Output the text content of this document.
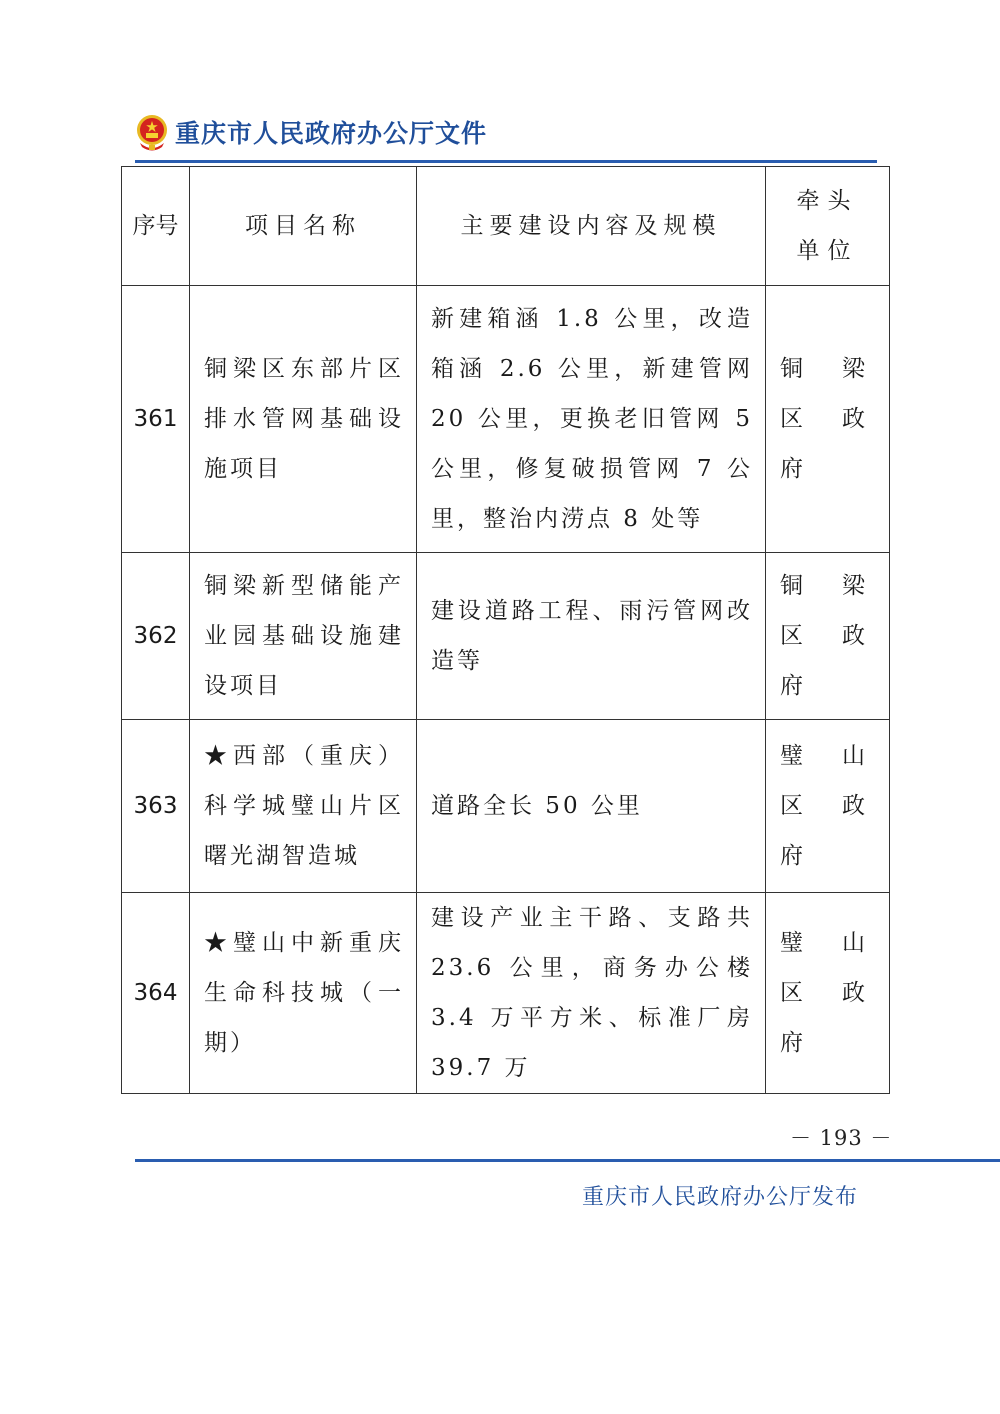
重庆市人民政府办公厅文件
序号	项目名称	主要建设内容及规模	牵头单位
361	铜梁区东部片区排水管网基础设施项目	新建箱涵 1.8 公里，改造箱涵 2.6 公里，新建管网 20 公里，更换老旧管网 5 公里，修复破损管网 7 公里，整治内涝点 8 处等	铜梁区政府
362	铜梁新型储能产业园基础设施建设项目	建设道路工程、雨污管网改造等	铜梁区政府
363	★西部（重庆）科学城璧山片区曙光湖智造城	道路全长 50 公里	璧山区政府
364	★璧山中新重庆生命科技城（一期）	建设产业主干路、支路共 23.6 公里，商务办公楼 3.4 万平方米、标准厂房 39.7 万	璧山区政府
－ 193 －
重庆市人民政府办公厅发布
